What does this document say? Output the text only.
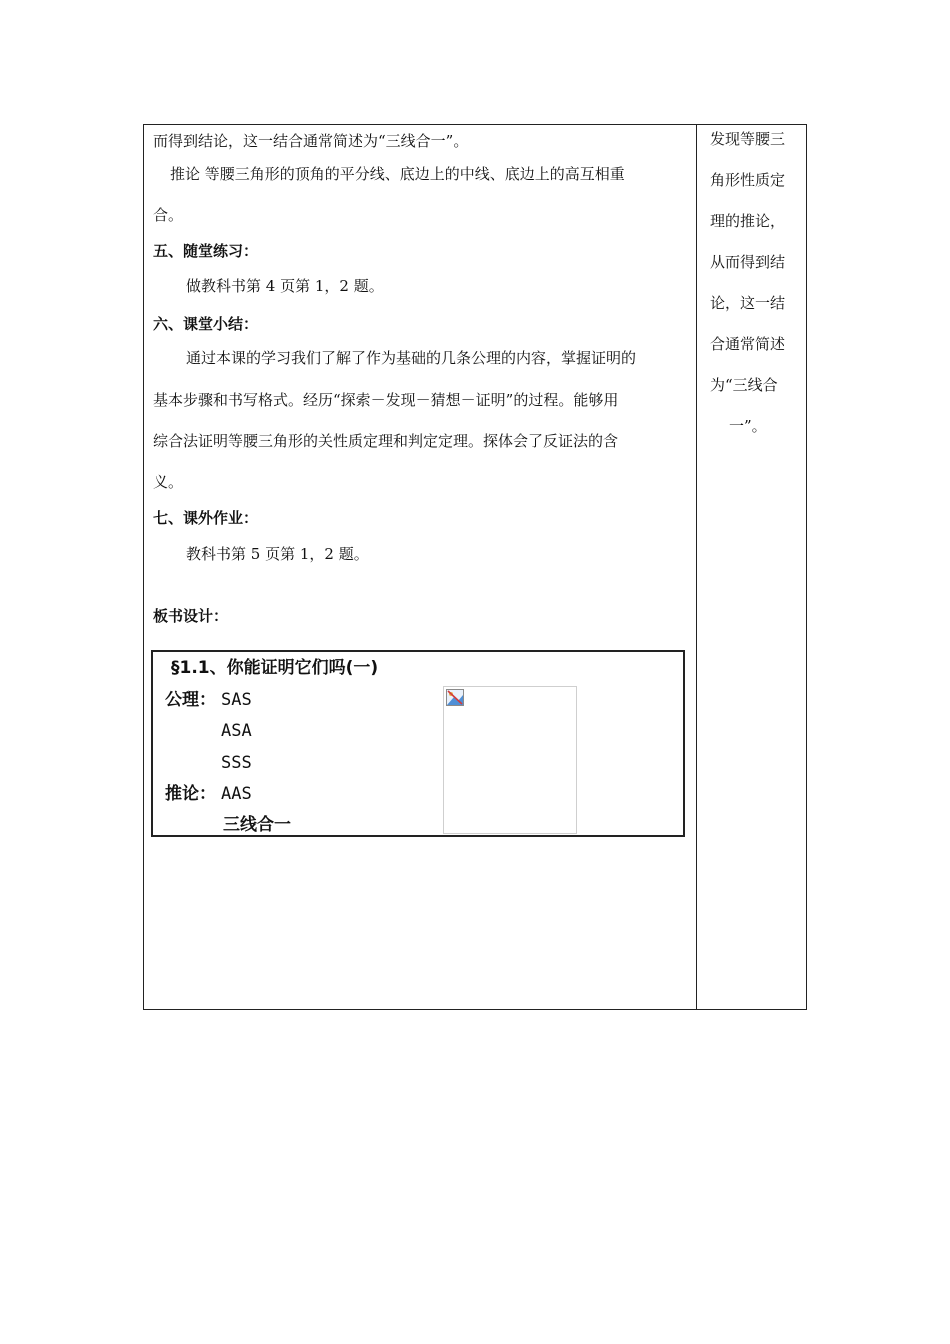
而得到结论，这一结合通常简述为“三线合一”。
推论 等腰三角形的顶角的平分线、底边上的中线、底边上的高互相重
合。
五、随堂练习：
做教科书第 4 页第 1，2 题。
六、课堂小结：
通过本课的学习我们了解了作为基础的几条公理的内容，掌握证明的
基本步骤和书写格式。经历“探索－发现－猜想－证明”的过程。能够用
综合法证明等腰三角形的关性质定理和判定定理。探体会了反证法的含
义。
七、课外作业：
教科书第 5 页第 1，2 题。
板书设计：
发现等腰三
角形性质定
理的推论，
从而得到结
论，这一结
合通常简述
为“三线合
一”。
§1.1、你能证明它们吗(一)
公理： SAS
ASA
SSS
推论： AAS
三线合一
